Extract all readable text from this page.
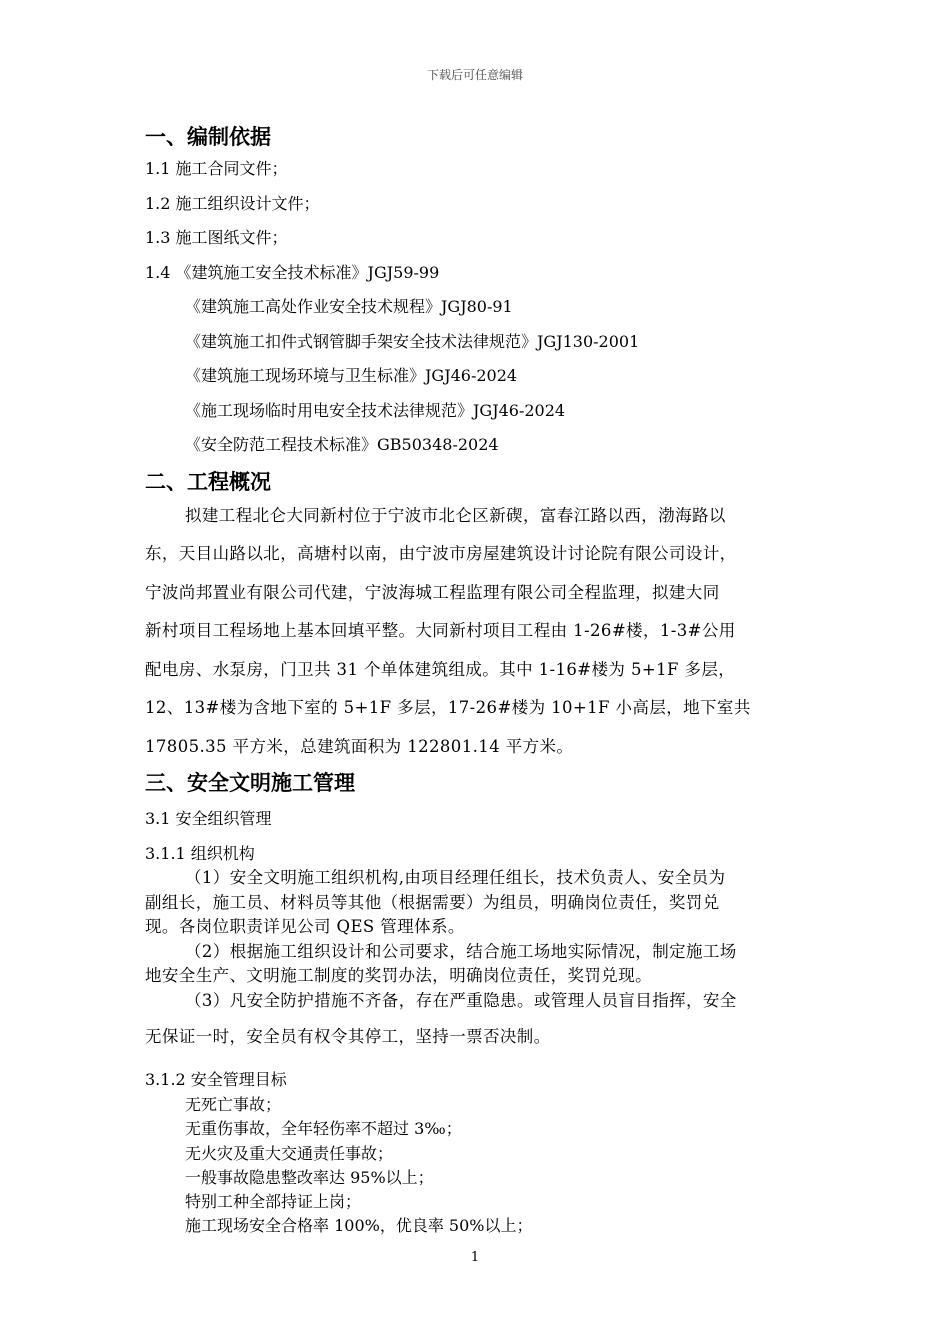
下载后可任意编辑

一、编制依据

1.1 施工合同文件；

1.2 施工组织设计文件；

1.3 施工图纸文件；

1.4 《建筑施工安全技术标准》JGJ59-99

《建筑施工高处作业安全技术规程》JGJ80-91

《建筑施工扣件式钢管脚手架安全技术法律规范》JGJ130-2001

《建筑施工现场环境与卫生标准》JGJ46-2024

《施工现场临时用电安全技术法律规范》JGJ46-2024

《安全防范工程技术标准》GB50348-2024

二、工程概况

拟建工程北仑大同新村位于宁波市北仑区新碶，富春江路以西，渤海路以
东，天目山路以北，高塘村以南，由宁波市房屋建筑设计讨论院有限公司设计，
宁波尚邦置业有限公司代建，宁波海城工程监理有限公司全程监理，拟建大同
新村项目工程场地上基本回填平整。大同新村项目工程由 1-26#楼，1-3#公用
配电房、水泵房，门卫共 31 个单体建筑组成。其中 1-16#楼为 5+1F 多层，
12、13#楼为含地下室的 5+1F 多层，17-26#楼为 10+1F 小高层，地下室共
17805.35 平方米，总建筑面积为 122801.14 平方米。

三、安全文明施工管理

3.1 安全组织管理

3.1.1 组织机构

（1）安全文明施工组织机构,由项目经理任组长，技术负责人、安全员为
副组长，施工员、材料员等其他（根据需要）为组员，明确岗位责任，奖罚兑
现。各岗位职责详见公司 QES 管理体系。
（2）根据施工组织设计和公司要求，结合施工场地实际情况，制定施工场
地安全生产、文明施工制度的奖罚办法，明确岗位责任，奖罚兑现。
（3）凡安全防护措施不齐备，存在严重隐患。或管理人员盲目指挥，安全
无保证一时，安全员有权令其停工，坚持一票否决制。

3.1.2 安全管理目标

无死亡事故；

无重伤事故，全年轻伤率不超过 3‰；

无火灾及重大交通责任事故；

一般事故隐患整改率达 95%以上；

特别工种全部持证上岗；

施工现场安全合格率 100%，优良率 50%以上；

1
